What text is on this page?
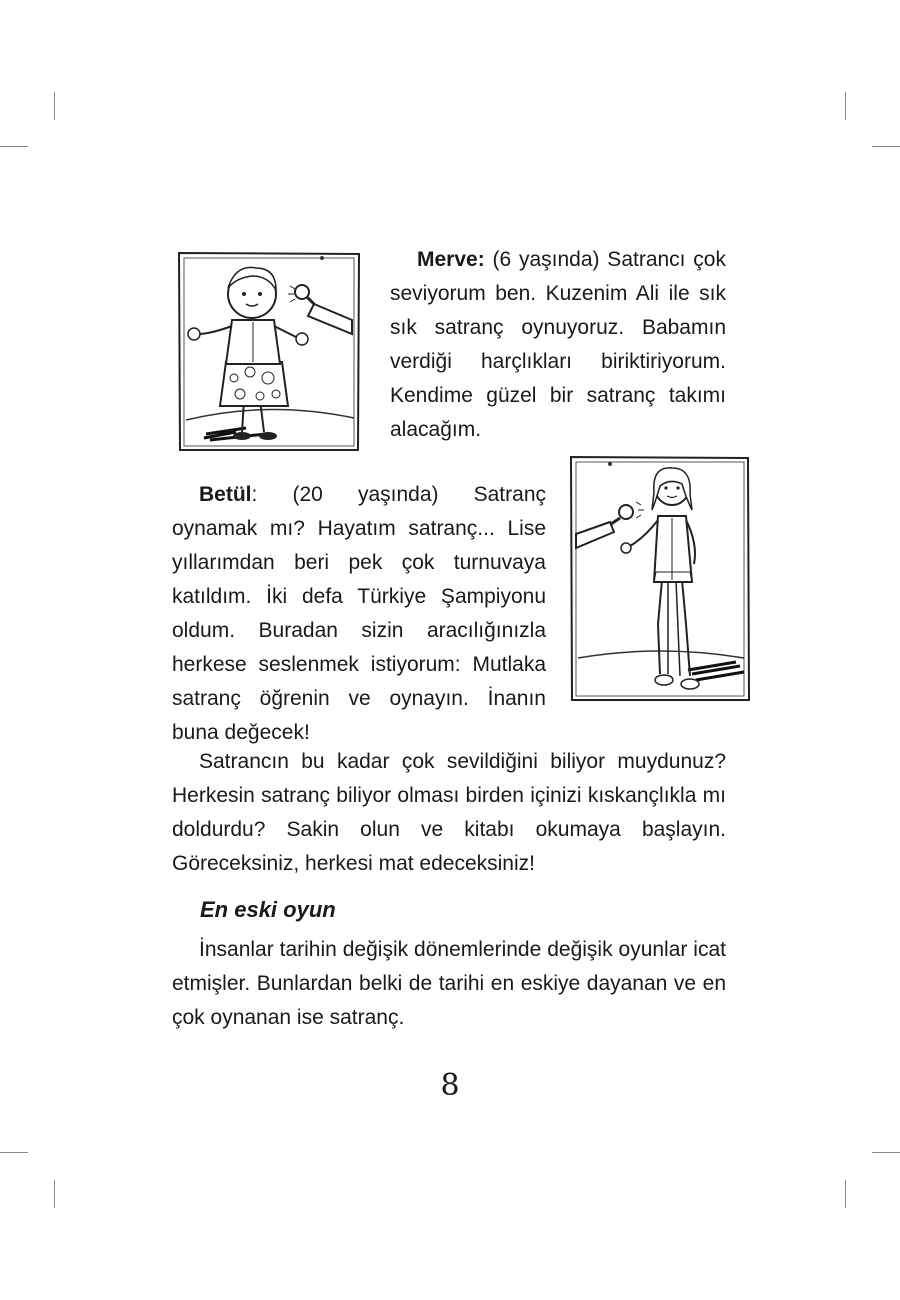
Merve: (6 yaşında) Satrancı çok seviyorum ben. Kuzenim Ali ile sık sık satranç oynuyoruz. Babamın verdiği harçlıkları biriktiriyorum. Kendime güzel bir satranç takımı alacağım.

Betül: (20 yaşında) Satranç oynamak mı? Hayatım satranç... Lise yıllarımdan beri pek çok turnuvaya katıldım. İki defa Türkiye Şampiyonu oldum. Buradan sizin aracılığınızla herkese seslenmek istiyorum: Mutlaka satranç öğrenin ve oynayın. İnanın buna değecek!

Satrancın bu kadar çok sevildiğini biliyor muydunuz? Herkesin satranç biliyor olması birden içinizi kıskançlıkla mı doldurdu? Sakin olun ve kitabı okumaya başlayın. Göreceksiniz, herkesi mat edeceksiniz!

En eski oyun

İnsanlar tarihin değişik dönemlerinde değişik oyunlar icat etmişler. Bunlardan belki de tarihi en eskiye dayanan ve en çok oynanan ise satranç.

8
